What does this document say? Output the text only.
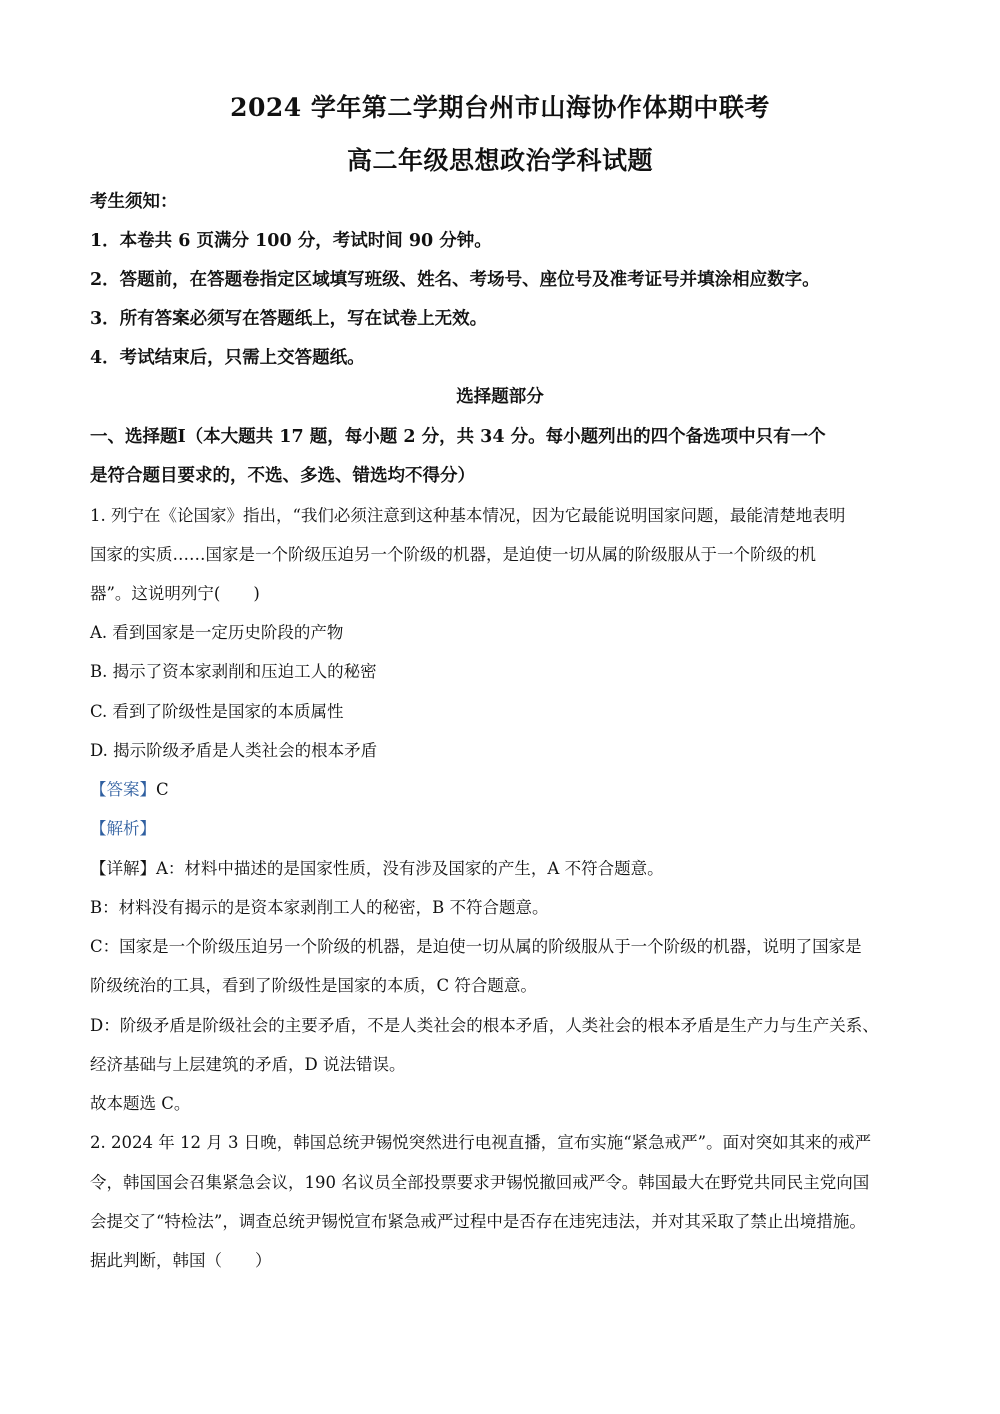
2024 学年第二学期台州市山海协作体期中联考
高二年级思想政治学科试题
考生须知：
1．本卷共 6 页满分 100 分，考试时间 90 分钟。
2．答题前，在答题卷指定区域填写班级、姓名、考场号、座位号及准考证号并填涂相应数字。
3．所有答案必须写在答题纸上，写在试卷上无效。
4．考试结束后，只需上交答题纸。
选择题部分
一、选择题Ⅰ（本大题共 17 题，每小题 2 分，共 34 分。每小题列出的四个备选项中只有一个
是符合题目要求的，不选、多选、错选均不得分）
1. 列宁在《论国家》指出，“我们必须注意到这种基本情况，因为它最能说明国家问题，最能清楚地表明
国家的实质……国家是一个阶级压迫另一个阶级的机器，是迫使一切从属的阶级服从于一个阶级的机
器”。这说明列宁(　　)
A. 看到国家是一定历史阶段的产物
B. 揭示了资本家剥削和压迫工人的秘密
C. 看到了阶级性是国家的本质属性
D. 揭示阶级矛盾是人类社会的根本矛盾
【答案】C
【解析】
【详解】A：材料中描述的是国家性质，没有涉及国家的产生，A 不符合题意。
B：材料没有揭示的是资本家剥削工人的秘密，B 不符合题意。
C：国家是一个阶级压迫另一个阶级的机器，是迫使一切从属的阶级服从于一个阶级的机器，说明了国家是
阶级统治的工具，看到了阶级性是国家的本质，C 符合题意。
D：阶级矛盾是阶级社会的主要矛盾，不是人类社会的根本矛盾，人类社会的根本矛盾是生产力与生产关系、
经济基础与上层建筑的矛盾，D 说法错误。
故本题选 C。
2. 2024 年 12 月 3 日晚，韩国总统尹锡悦突然进行电视直播，宣布实施“紧急戒严”。面对突如其来的戒严
令，韩国国会召集紧急会议，190 名议员全部投票要求尹锡悦撤回戒严令。韩国最大在野党共同民主党向国
会提交了“特检法”，调查总统尹锡悦宣布紧急戒严过程中是否存在违宪违法，并对其采取了禁止出境措施。
据此判断，韩国（　　）
